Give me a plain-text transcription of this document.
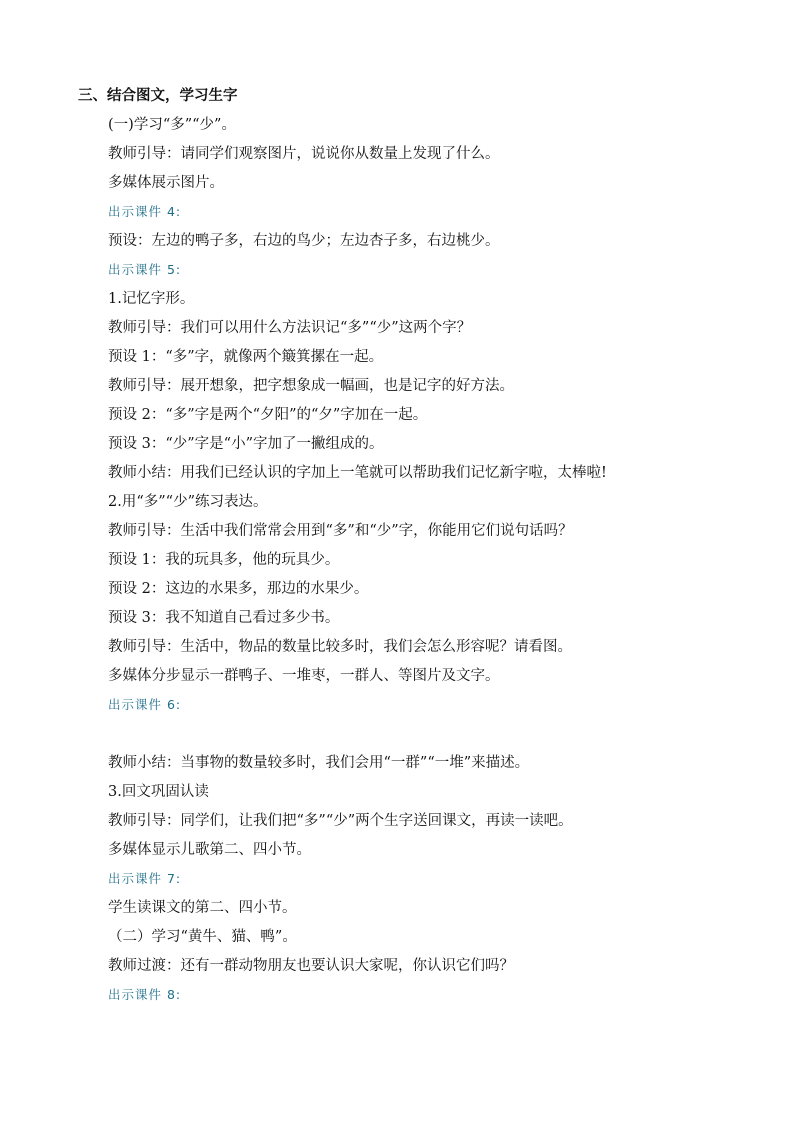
三、结合图文，学习生字
(一)学习“多”“少”。
教师引导：请同学们观察图片，说说你从数量上发现了什么。
多媒体展示图片。
出示课件 4:
预设：左边的鸭子多，右边的鸟少；左边杏子多，右边桃少。
出示课件 5:
1.记忆字形。
教师引导：我们可以用什么方法识记“多”“少”这两个字？
预设 1：“多”字，就像两个簸箕摞在一起。
教师引导：展开想象，把字想象成一幅画，也是记字的好方法。
预设 2：“多”字是两个“夕阳”的“夕”字加在一起。
预设 3：“少”字是“小”字加了一撇组成的。
教师小结：用我们已经认识的字加上一笔就可以帮助我们记忆新字啦，太棒啦!
2.用“多”“少”练习表达。
教师引导：生活中我们常常会用到“多”和“少”字，你能用它们说句话吗？
预设 1：我的玩具多，他的玩具少。
预设 2：这边的水果多，那边的水果少。
预设 3：我不知道自己看过多少书。
教师引导：生活中，物品的数量比较多时，我们会怎么形容呢？请看图。
多媒体分步显示一群鸭子、一堆枣，一群人、等图片及文字。
出示课件 6:
教师小结：当事物的数量较多时，我们会用“一群”“一堆”来描述。
3.回文巩固认读
教师引导：同学们，让我们把“多”“少”两个生字送回课文，再读一读吧。
多媒体显示儿歌第二、四小节。
出示课件 7:
学生读课文的第二、四小节。
（二）学习“黄牛、猫、鸭”。
教师过渡：还有一群动物朋友也要认识大家呢，你认识它们吗？
出示课件 8:
